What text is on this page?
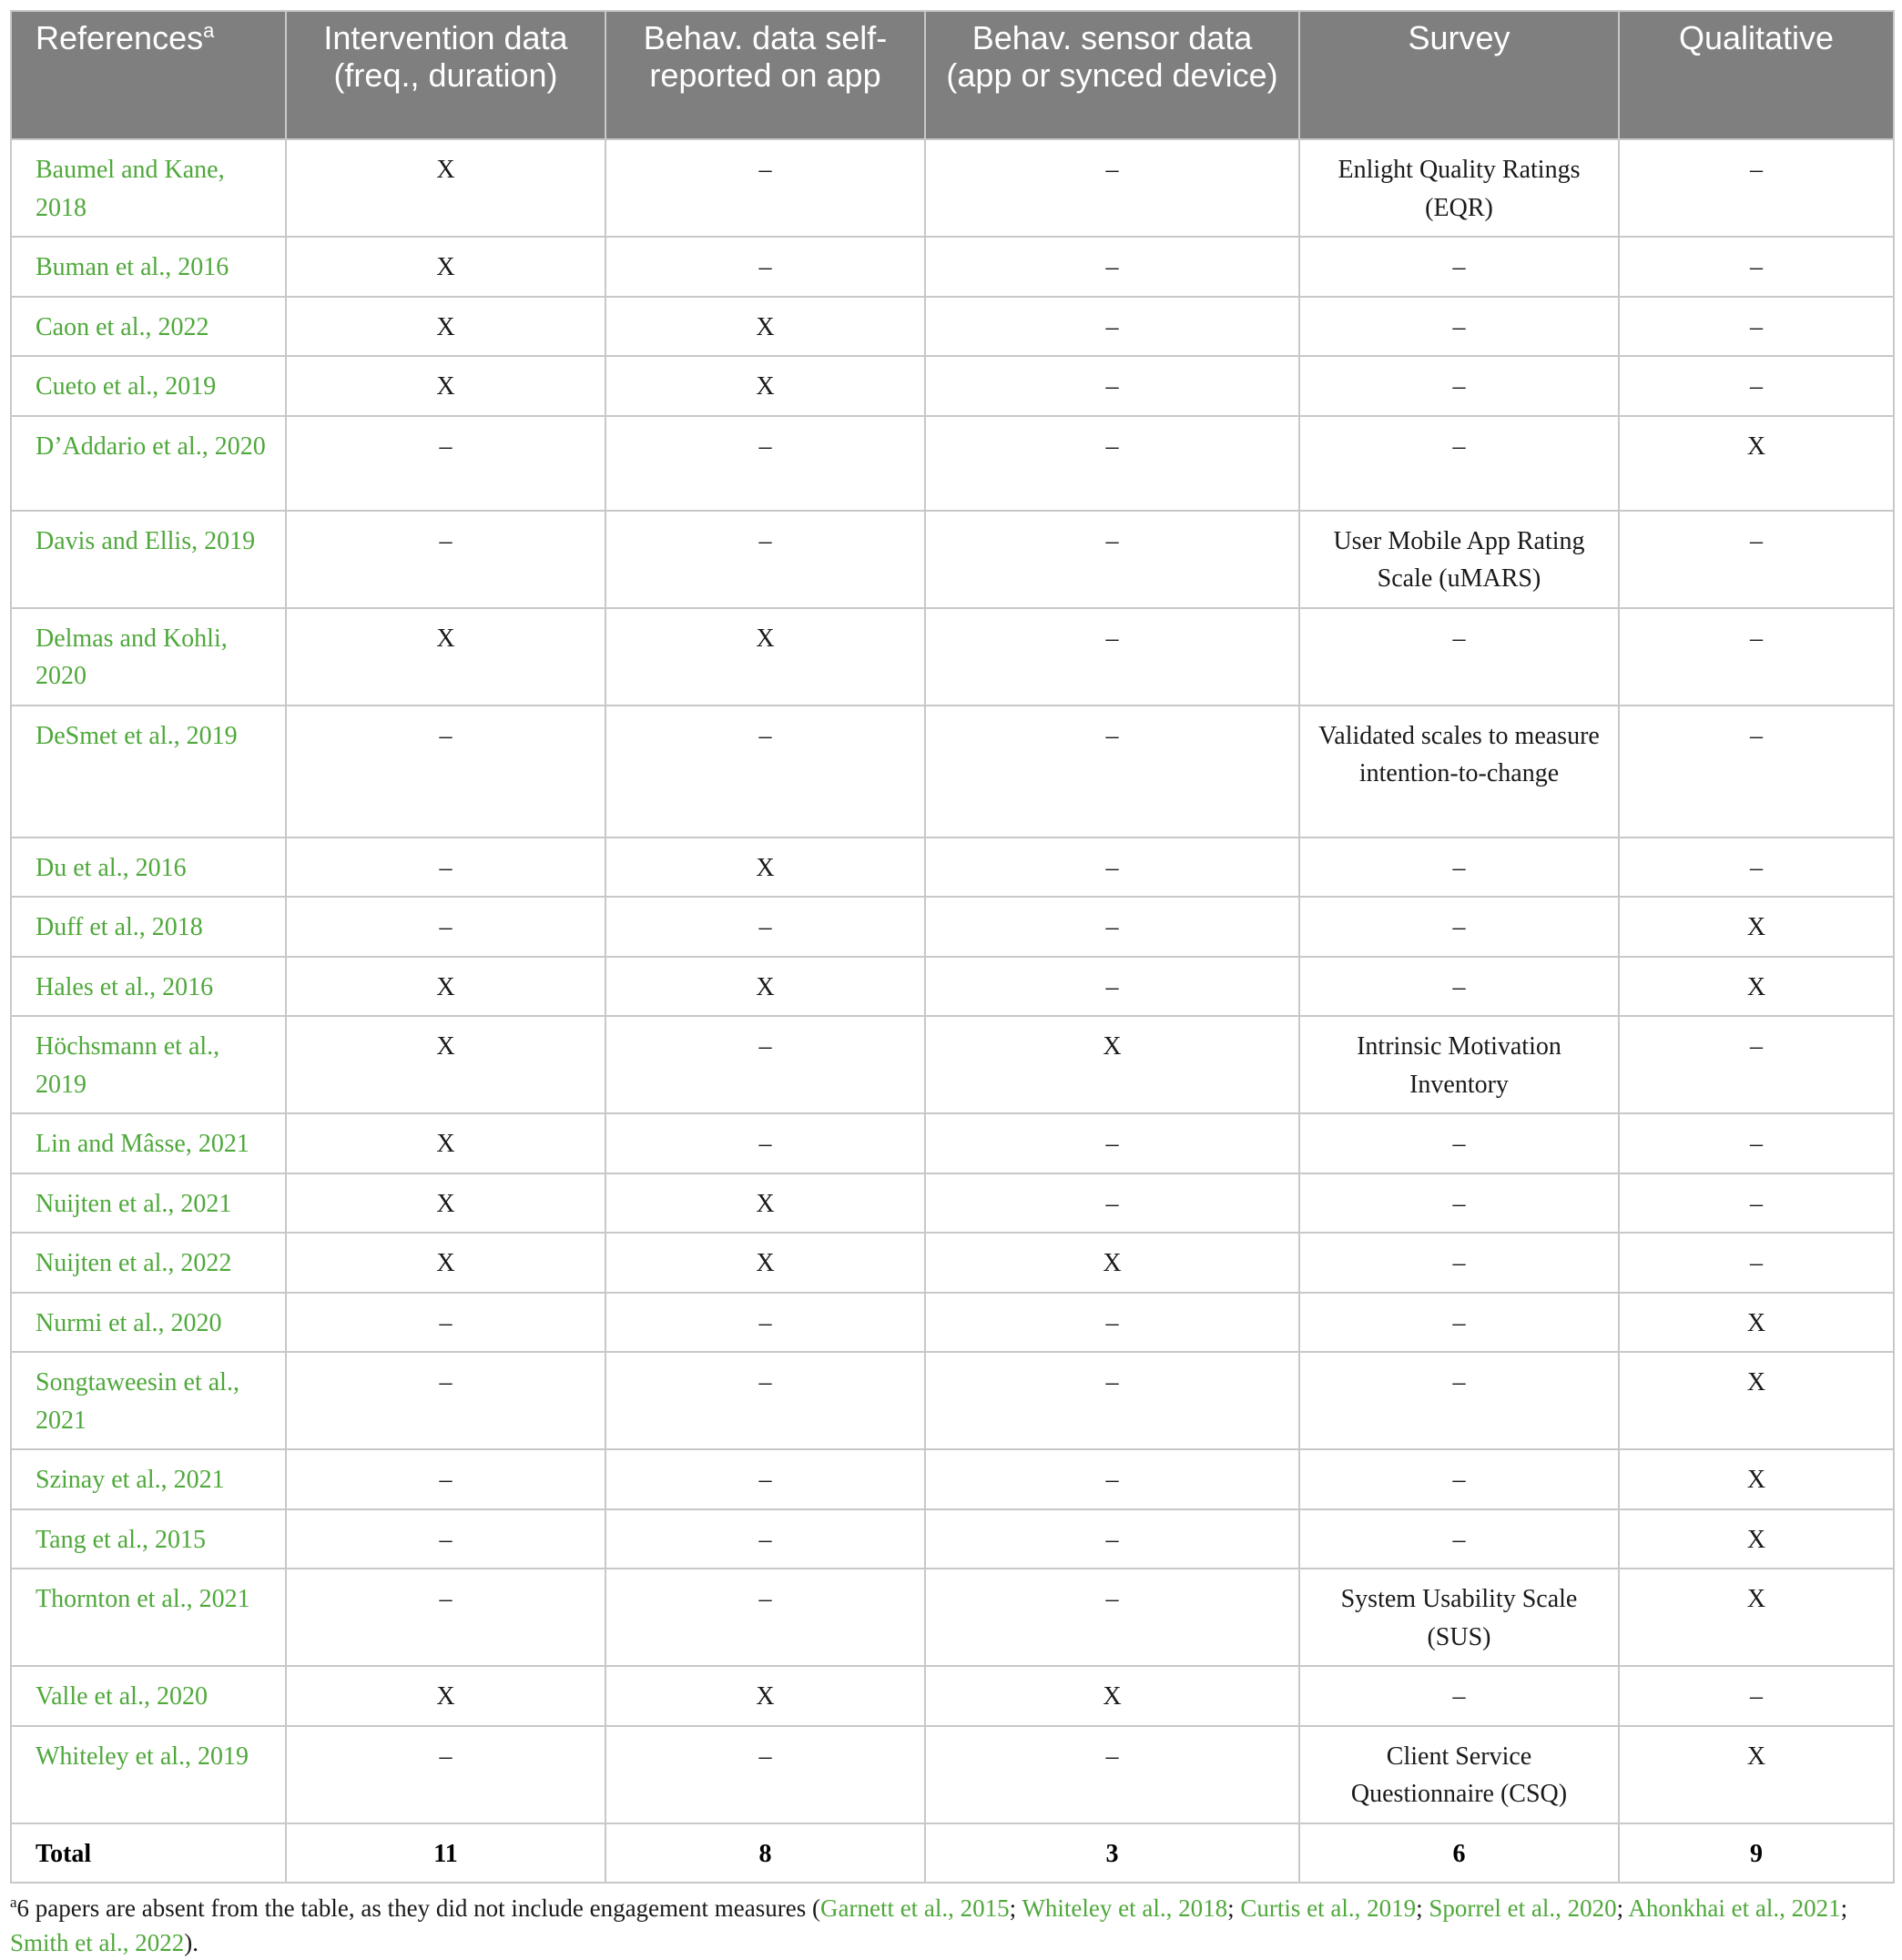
References$^a$	Intervention data (freq., duration)	Behav. data self-reported on app	Behav. sensor data (app or synced device)	Survey	Qualitative
Baumel and Kane, 2018	X	–	–	Enlight Quality Ratings (EQR)	–
Buman et al., 2016	X	–	–	–	–
Caon et al., 2022	X	X	–	–	–
Cueto et al., 2019	X	X	–	–	–
D’Addario et al., 2020	–	–	–	–	X
Davis and Ellis, 2019	–	–	–	User Mobile App Rating Scale (uMARS)	–
Delmas and Kohli, 2020	X	X	–	–	–
DeSmet et al., 2019	–	–	–	Validated scales to measure intention-to-change	–
Du et al., 2016	–	X	–	–	–
Duff et al., 2018	–	–	–	–	X
Hales et al., 2016	X	X	–	–	X
Höchsmann et al., 2019	X	–	X	Intrinsic Motivation Inventory	–
Lin and Mâsse, 2021	X	–	–	–	–
Nuijten et al., 2021	X	X	–	–	–
Nuijten et al., 2022	X	X	X	–	–
Nurmi et al., 2020	–	–	–	–	X
Songtaweesin et al., 2021	–	–	–	–	X
Szinay et al., 2021	–	–	–	–	X
Tang et al., 2015	–	–	–	–	X
Thornton et al., 2021	–	–	–	System Usability Scale (SUS)	X
Valle et al., 2020	X	X	X	–	–
Whiteley et al., 2019	–	–	–	Client Service Questionnaire (CSQ)	X
Total	11	8	3	6	9
$^a$6 papers are absent from the table, as they did not include engagement measures (Garnett et al., 2015; Whiteley et al., 2018; Curtis et al., 2019; Sporrel et al., 2020; Ahonkhai et al., 2021; Smith et al., 2022).
